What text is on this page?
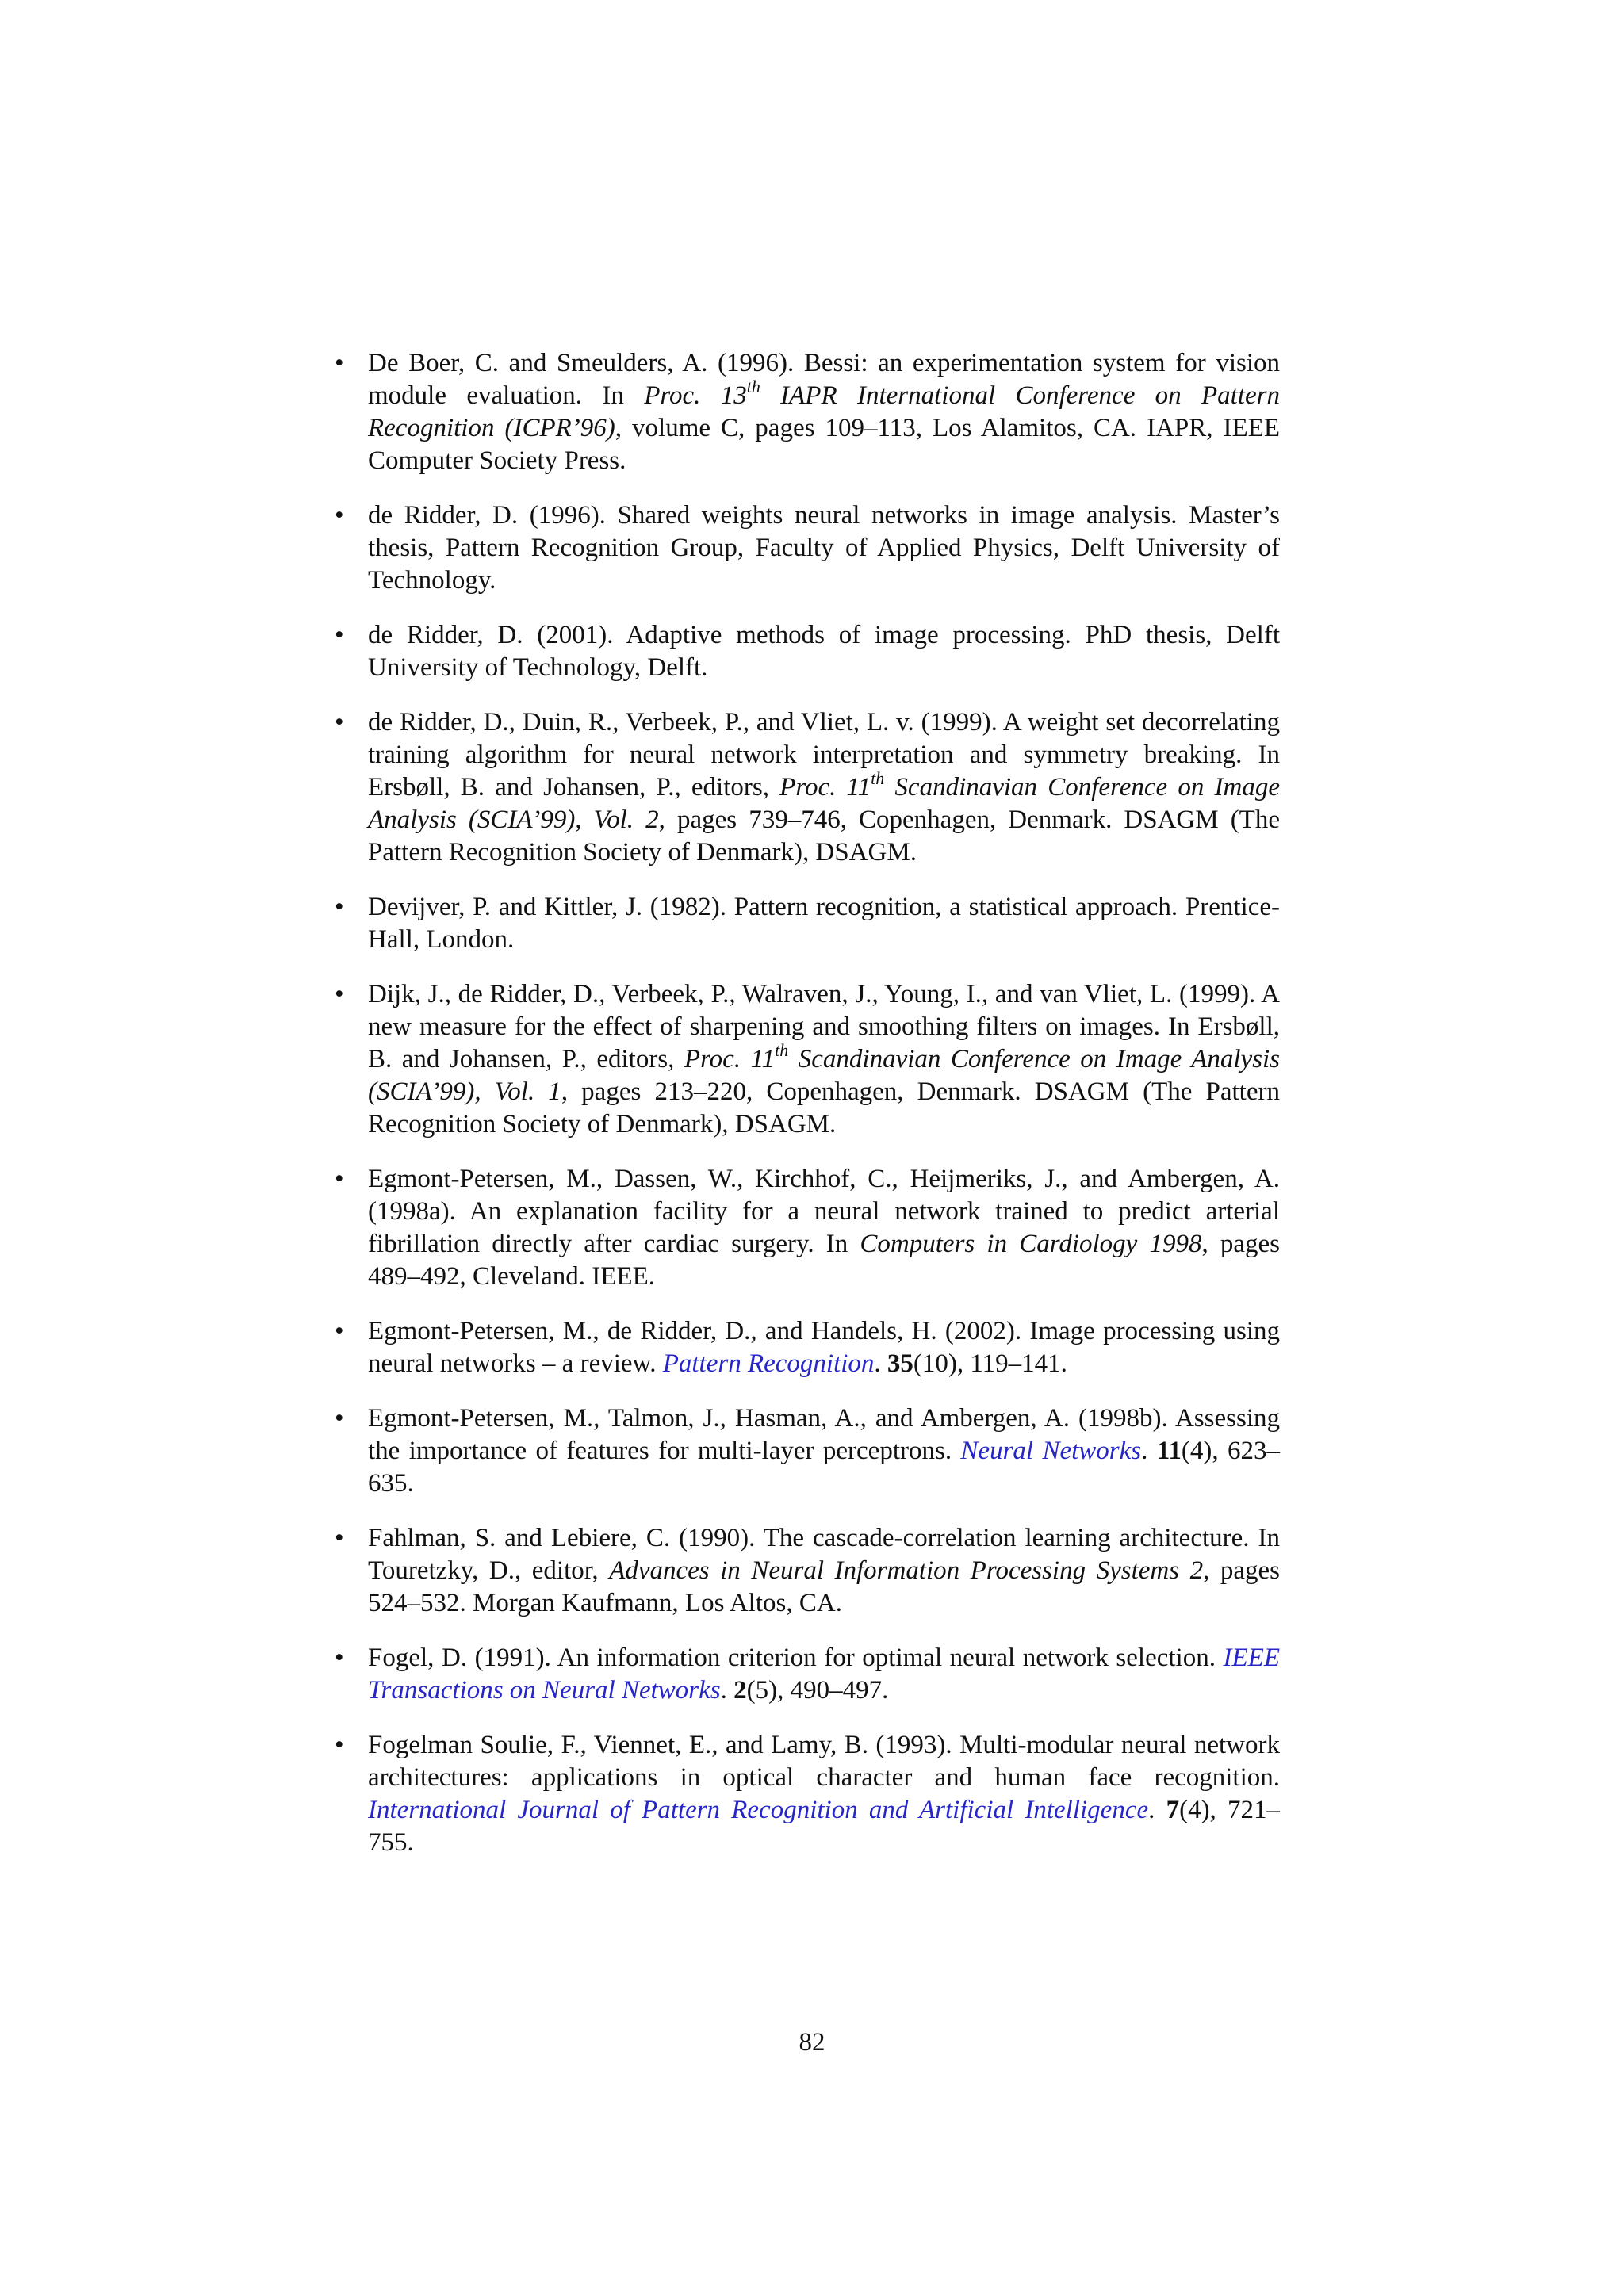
• De Boer, C. and Smeulders, A. (1996). Bessi: an experimentation system for vision module evaluation. In Proc. 13th IAPR International Conference on Pattern Recognition (ICPR’96), volume C, pages 109–113, Los Alamitos, CA. IAPR, IEEE Computer Society Press.
• de Ridder, D. (1996). Shared weights neural networks in image analysis. Master’s thesis, Pattern Recognition Group, Faculty of Applied Physics, Delft University of Technology.
• de Ridder, D. (2001). Adaptive methods of image processing. PhD thesis, Delft University of Technology, Delft.
• de Ridder, D., Duin, R., Verbeek, P., and Vliet, L. v. (1999). A weight set decorrelating training algorithm for neural network interpretation and symmetry breaking. In Ersbøll, B. and Johansen, P., editors, Proc. 11th Scandinavian Conference on Image Analysis (SCIA’99), Vol. 2, pages 739–746, Copenhagen, Denmark. DSAGM (The Pattern Recognition Society of Denmark), DSAGM.
• Devijver, P. and Kittler, J. (1982). Pattern recognition, a statistical approach. Prentice-Hall, London.
• Dijk, J., de Ridder, D., Verbeek, P., Walraven, J., Young, I., and van Vliet, L. (1999). A new measure for the effect of sharpening and smoothing filters on images. In Ersbøll, B. and Johansen, P., editors, Proc. 11th Scandinavian Conference on Image Analysis (SCIA’99), Vol. 1, pages 213–220, Copenhagen, Denmark. DSAGM (The Pattern Recognition Society of Denmark), DSAGM.
• Egmont-Petersen, M., Dassen, W., Kirchhof, C., Heijmeriks, J., and Ambergen, A. (1998a). An explanation facility for a neural network trained to predict arterial fibrillation directly after cardiac surgery. In Computers in Cardiology 1998, pages 489–492, Cleveland. IEEE.
• Egmont-Petersen, M., de Ridder, D., and Handels, H. (2002). Image processing using neural networks – a review. Pattern Recognition. 35(10), 119–141.
• Egmont-Petersen, M., Talmon, J., Hasman, A., and Ambergen, A. (1998b). Assessing the importance of features for multi-layer perceptrons. Neural Networks. 11(4), 623–635.
• Fahlman, S. and Lebiere, C. (1990). The cascade-correlation learning architecture. In Touretzky, D., editor, Advances in Neural Information Processing Systems 2, pages 524–532. Morgan Kaufmann, Los Altos, CA.
• Fogel, D. (1991). An information criterion for optimal neural network selection. IEEE Transactions on Neural Networks. 2(5), 490–497.
• Fogelman Soulie, F., Viennet, E., and Lamy, B. (1993). Multi-modular neural network architectures: applications in optical character and human face recognition. International Journal of Pattern Recognition and Artificial Intelligence. 7(4), 721–755.
82
